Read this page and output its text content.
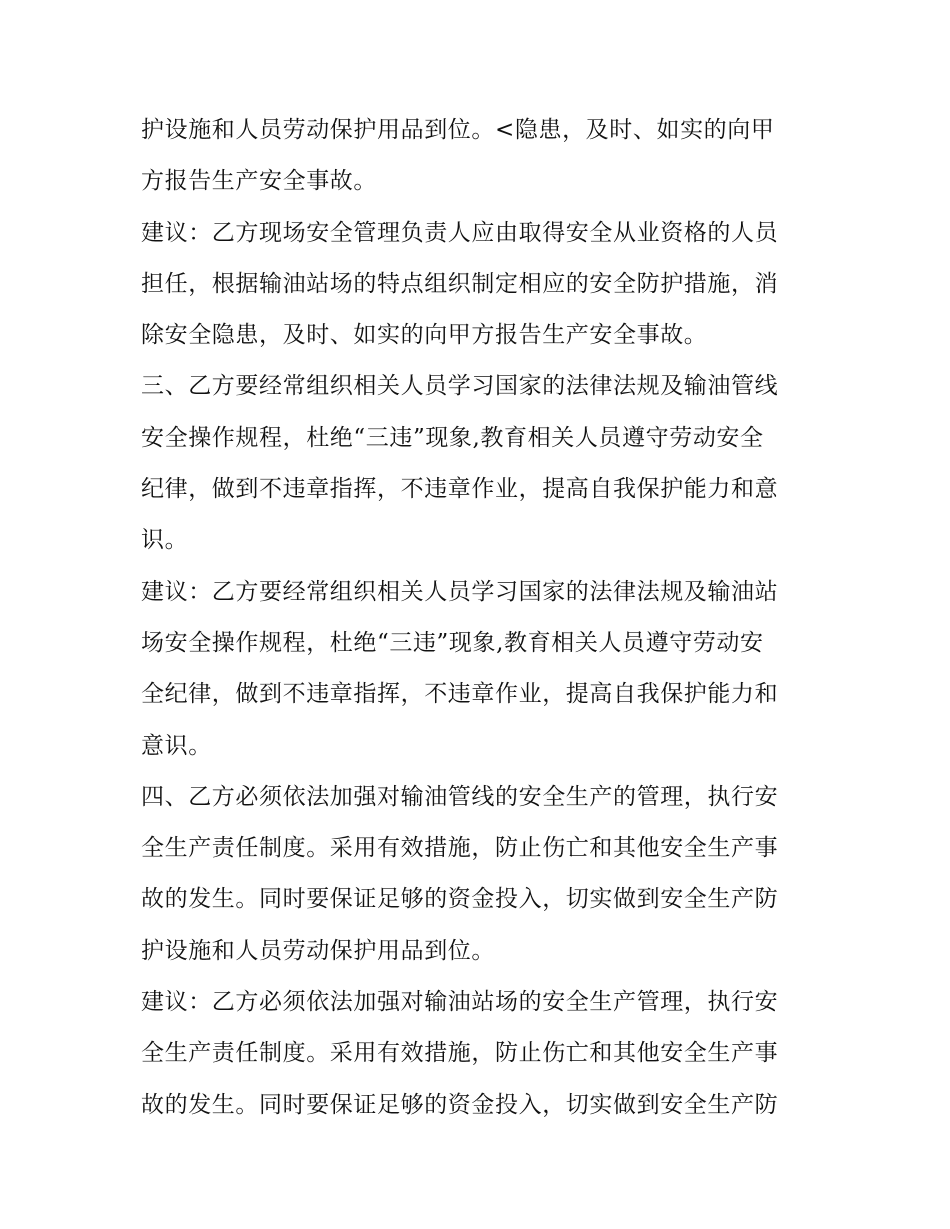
护设施和人员劳动保护用品到位。<隐患，及时、如实的向甲
方报告生产安全事故。
建议：乙方现场安全管理负责人应由取得安全从业资格的人员
担任，根据输油站场的特点组织制定相应的安全防护措施，消
除安全隐患，及时、如实的向甲方报告生产安全事故。
三、乙方要经常组织相关人员学习国家的法律法规及输油管线
安全操作规程，杜绝“三违”现象,教育相关人员遵守劳动安全
纪律，做到不违章指挥，不违章作业，提高自我保护能力和意
识。
建议：乙方要经常组织相关人员学习国家的法律法规及输油站
场安全操作规程，杜绝“三违”现象,教育相关人员遵守劳动安
全纪律，做到不违章指挥，不违章作业，提高自我保护能力和
意识。
四、乙方必须依法加强对输油管线的安全生产的管理，执行安
全生产责任制度。采用有效措施，防止伤亡和其他安全生产事
故的发生。同时要保证足够的资金投入，切实做到安全生产防
护设施和人员劳动保护用品到位。
建议：乙方必须依法加强对输油站场的安全生产管理，执行安
全生产责任制度。采用有效措施，防止伤亡和其他安全生产事
故的发生。同时要保证足够的资金投入，切实做到安全生产防
